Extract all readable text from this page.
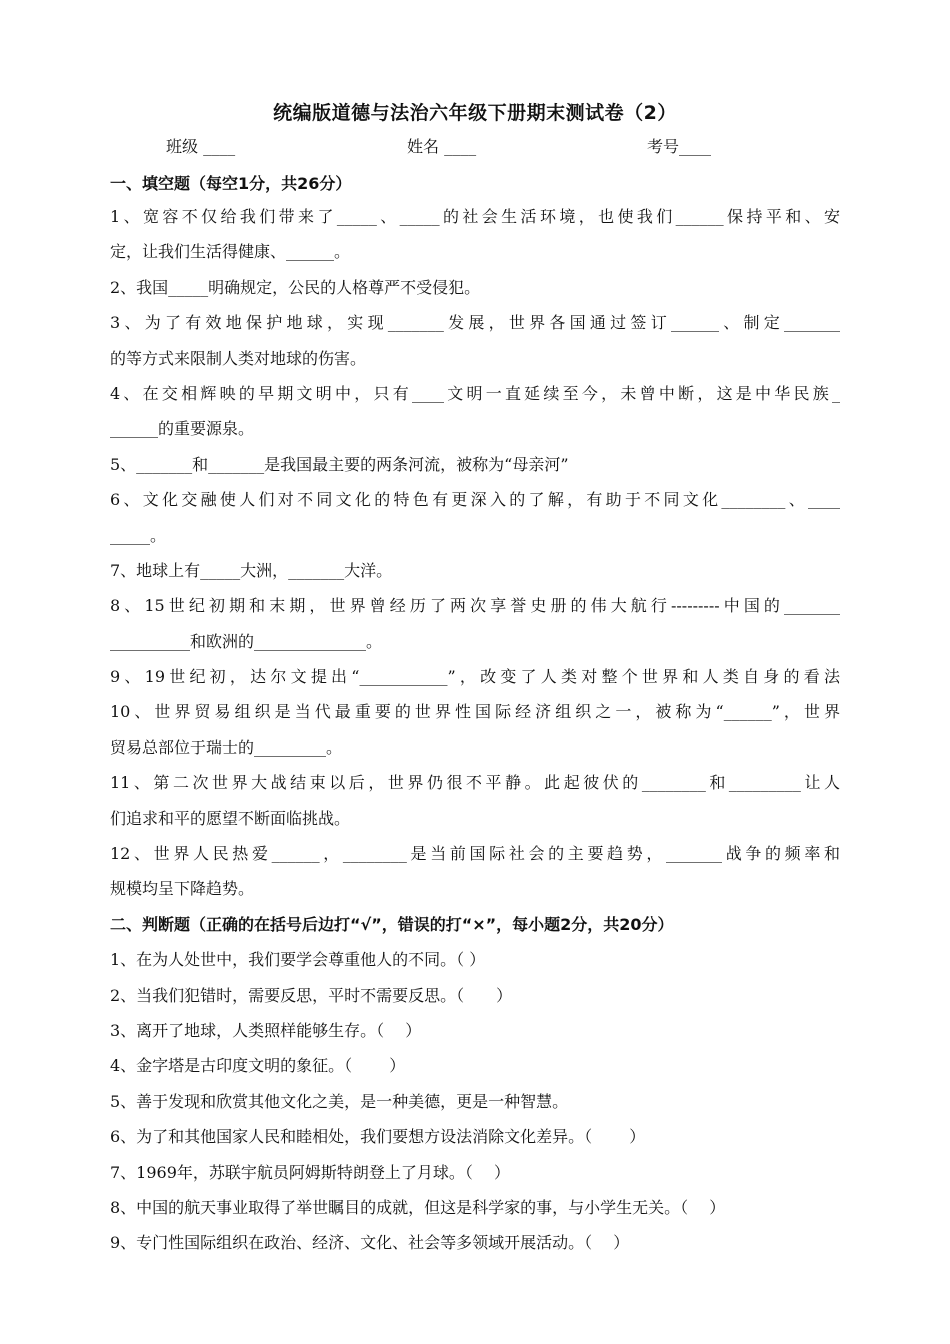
统编版道德与法治六年级下册期末测试卷（2）
班级 ____	姓名 ____	考号____
一、填空题（每空1分，共26分）
1、宽容不仅给我们带来了_____、_____的社会生活环境，也使我们______保持平和、安
定，让我们生活得健康、______。
2、我国_____明确规定，公民的人格尊严不受侵犯。
3、为了有效地保护地球，实现_______发展，世界各国通过签订______、制定_______
的等方式来限制人类对地球的伤害。
4、在交相辉映的早期文明中，只有____文明一直延续至今，未曾中断，这是中华民族_
______的重要源泉。
5、_______和_______是我国最主要的两条河流，被称为“母亲河”
6、文化交融使人们对不同文化的特色有更深入的了解，有助于不同文化________、____
_____。
7、地球上有_____大洲，_______大洋。
8、15世纪初期和末期，世界曾经历了两次享誉史册的伟大航行---------中国的_______
__________和欧洲的______________。
9、19世纪初，达尔文提出“___________”，改变了人类对整个世界和人类自身的看法
10、世界贸易组织是当代最重要的世界性国际经济组织之一，被称为“______”，世界
贸易总部位于瑞士的_________。
11、第二次世界大战结束以后，世界仍很不平静。此起彼伏的________和_________让人
们追求和平的愿望不断面临挑战。
12、世界人民热爱______，________是当前国际社会的主要趋势，_______战争的频率和
规模均呈下降趋势。
二、判断题（正确的在括号后边打“√”，错误的打“×”，每小题2分，共20分）
1、在为人处世中，我们要学会尊重他人的不同。（ ）
2、当我们犯错时，需要反思，平时不需要反思。（　　）
3、离开了地球，人类照样能够生存。（　 ）
4、金字塔是古印度文明的象征。（　　 ）
5、善于发现和欣赏其他文化之美，是一种美德，更是一种智慧。
6、为了和其他国家人民和睦相处，我们要想方设法消除文化差异。（　　 ）
7、1969年，苏联宇航员阿姆斯特朗登上了月球。（　 ）
8、中国的航天事业取得了举世瞩目的成就，但这是科学家的事，与小学生无关。（　 ）
9、专门性国际组织在政治、经济、文化、社会等多领域开展活动。（　 ）
